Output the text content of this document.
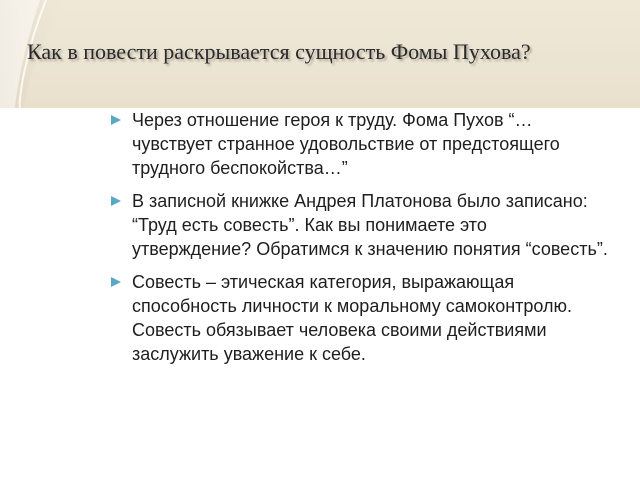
Как в повести раскрывается сущность Фомы Пухова?
Через отношение героя к труду. Фома Пухов “…чувствует странное удовольствие от предстоящего трудного беспокойства…”
В записной книжке Андрея Платонова было записано: “Труд есть совесть”. Как вы понимаете это утверждение? Обратимся к значению понятия “совесть”.
Совесть – этическая категория, выражающая способность личности к моральному самоконтролю. Совесть обязывает человека своими действиями заслужить уважение к себе.
